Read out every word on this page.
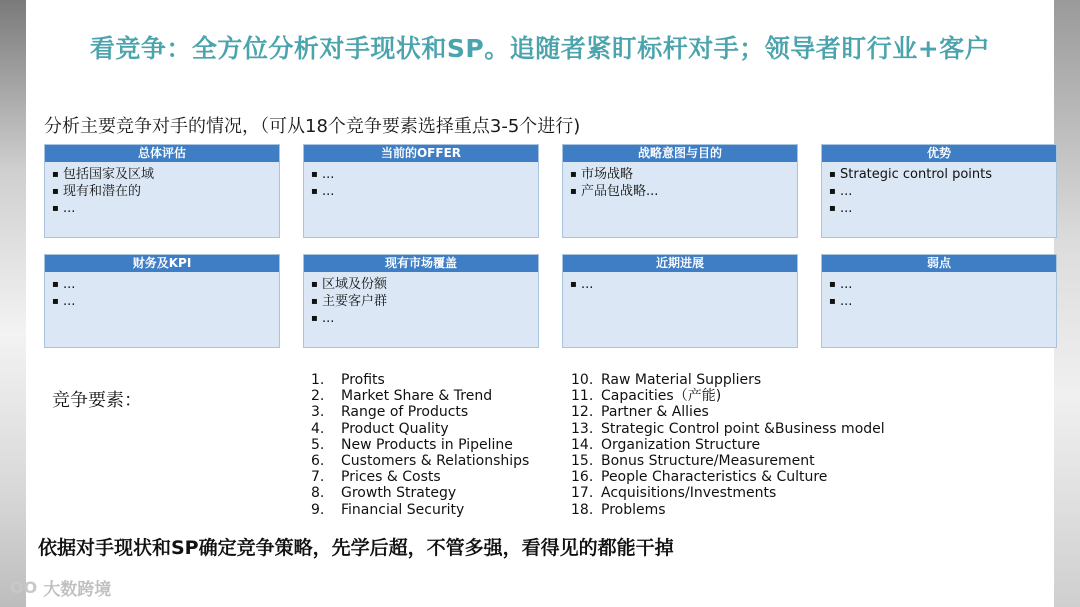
看竞争：全方位分析对手现状和SP。追随者紧盯标杆对手；领导者盯行业+客户
分析主要竞争对手的情况，（可从18个竞争要素选择重点3-5个进行)
总体评估
▪ 包括国家及区域
▪ 现有和潜在的
▪ ...
当前的OFFER
▪ ...
▪ ...
战略意图与目的
▪ 市场战略
▪ 产品包战略...
优势
▪ Strategic control points
▪ ...
▪ ...
财务及KPI
▪ ...
▪ ...
现有市场覆盖
▪ 区域及份额
▪ 主要客户群
▪ ...
近期进展
▪ ...
弱点
▪ ...
▪ ...
竞争要素：
1. Profits
2. Market Share & Trend
3. Range of Products
4. Product Quality
5. New Products in Pipeline
6. Customers & Relationships
7. Prices & Costs
8. Growth Strategy
9. Financial Security
10. Raw Material Suppliers
11. Capacities（产能)
12. Partner & Allies
13. Strategic Control point &Business model
14. Organization Structure
15. Bonus Structure/Measurement
16. People Characteristics & Culture
17. Acquisitions/Investments
18. Problems
依据对手现状和SP确定竞争策略，先学后超，不管多强，看得见的都能干掉
OO 大数跨境
